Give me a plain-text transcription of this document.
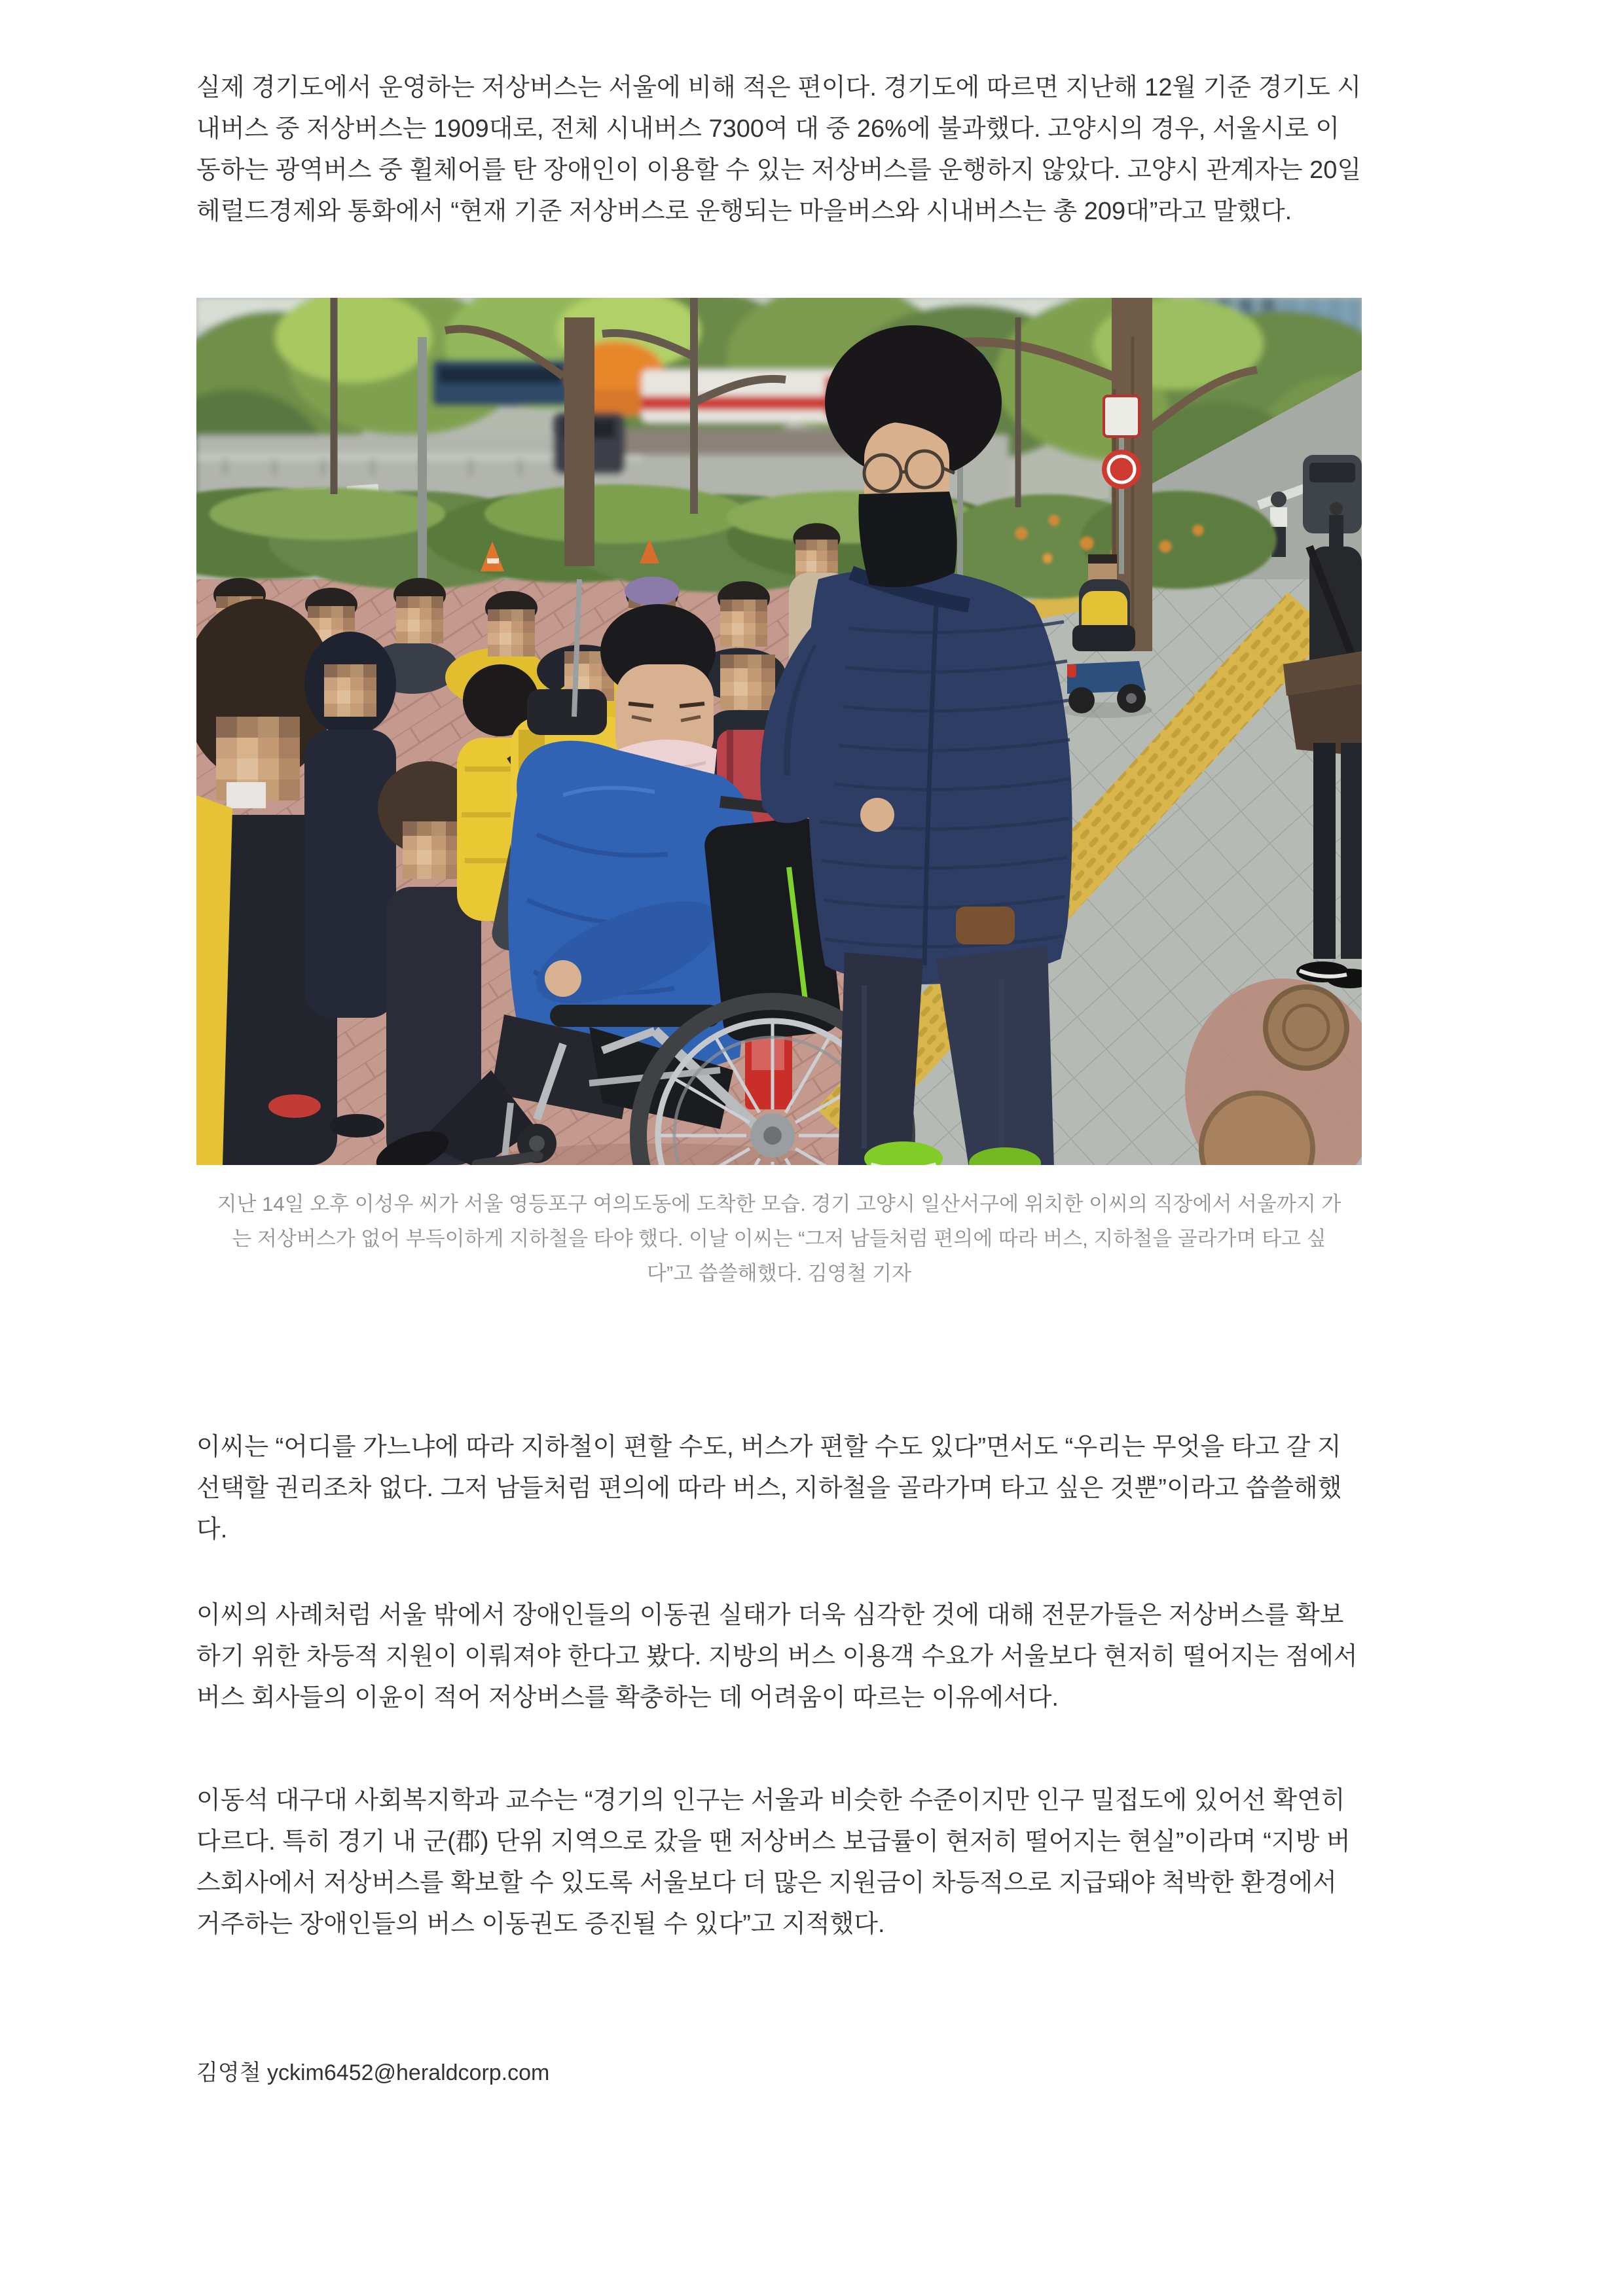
실제 경기도에서 운영하는 저상버스는 서울에 비해 적은 편이다. 경기도에 따르면 지난해 12월 기준 경기도 시내버스 중 저상버스는 1909대로, 전체 시내버스 7300여 대 중 26%에 불과했다. 고양시의 경우, 서울시로 이동하는 광역버스 중 휠체어를 탄 장애인이 이용할 수 있는 저상버스를 운행하지 않았다. 고양시 관계자는 20일 헤럴드경제와 통화에서 “현재 기준 저상버스로 운행되는 마을버스와 시내버스는 총 209대”라고 말했다.

지난 14일 오후 이성우 씨가 서울 영등포구 여의도동에 도착한 모습. 경기 고양시 일산서구에 위치한 이씨의 직장에서 서울까지 가는 저상버스가 없어 부득이하게 지하철을 타야 했다. 이날 이씨는 “그저 남들처럼 편의에 따라 버스, 지하철을 골라가며 타고 싶다”고 씁쓸해했다. 김영철 기자

이씨는 “어디를 가느냐에 따라 지하철이 편할 수도, 버스가 편할 수도 있다”면서도 “우리는 무엇을 타고 갈 지 선택할 권리조차 없다. 그저 남들처럼 편의에 따라 버스, 지하철을 골라가며 타고 싶은 것뿐”이라고 씁쓸해했다.

이씨의 사례처럼 서울 밖에서 장애인들의 이동권 실태가 더욱 심각한 것에 대해 전문가들은 저상버스를 확보하기 위한 차등적 지원이 이뤄져야 한다고 봤다. 지방의 버스 이용객 수요가 서울보다 현저히 떨어지는 점에서 버스 회사들의 이윤이 적어 저상버스를 확충하는 데 어려움이 따르는 이유에서다.

이동석 대구대 사회복지학과 교수는 “경기의 인구는 서울과 비슷한 수준이지만 인구 밀접도에 있어선 확연히 다르다. 특히 경기 내 군(郡) 단위 지역으로 갔을 땐 저상버스 보급률이 현저히 떨어지는 현실”이라며 “지방 버스회사에서 저상버스를 확보할 수 있도록 서울보다 더 많은 지원금이 차등적으로 지급돼야 척박한 환경에서 거주하는 장애인들의 버스 이동권도 증진될 수 있다”고 지적했다.

김영철 yckim6452@heraldcorp.com
